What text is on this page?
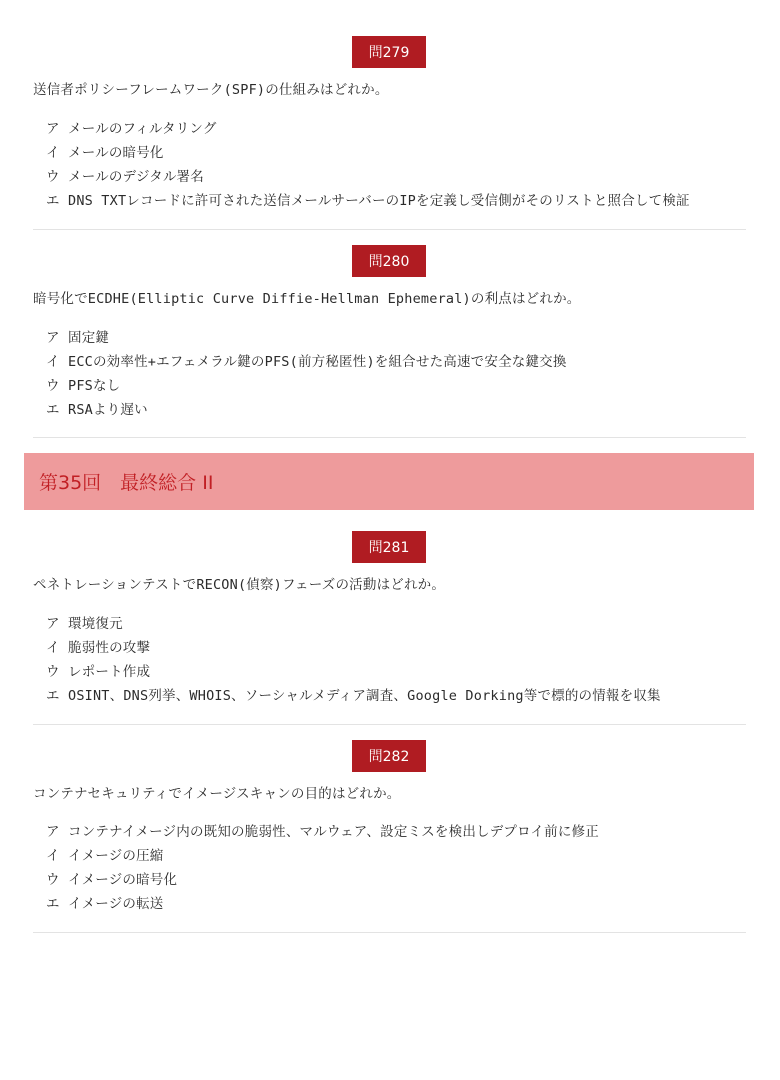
問279
送信者ポリシーフレームワーク(SPF)の仕組みはどれか。
ア メールのフィルタリング
イ メールの暗号化
ウ メールのデジタル署名
エ DNS TXTレコードに許可された送信メールサーバーのIPを定義し受信側がそのリストと照合して検証
問280
暗号化でECDHE(Elliptic Curve Diffie-Hellman Ephemeral)の利点はどれか。
ア 固定鍵
イ ECCの効率性+エフェメラル鍵のPFS(前方秘匿性)を組合せた高速で安全な鍵交換
ウ PFSなし
エ RSAより遅い
第35回　最終総合 II
問281
ペネトレーションテストでRECON(偵察)フェーズの活動はどれか。
ア 環境復元
イ 脆弱性の攻撃
ウ レポート作成
エ OSINT、DNS列挙、WHOIS、ソーシャルメディア調査、Google Dorking等で標的の情報を収集
問282
コンテナセキュリティでイメージスキャンの目的はどれか。
ア コンテナイメージ内の既知の脆弱性、マルウェア、設定ミスを検出しデプロイ前に修正
イ イメージの圧縮
ウ イメージの暗号化
エ イメージの転送
